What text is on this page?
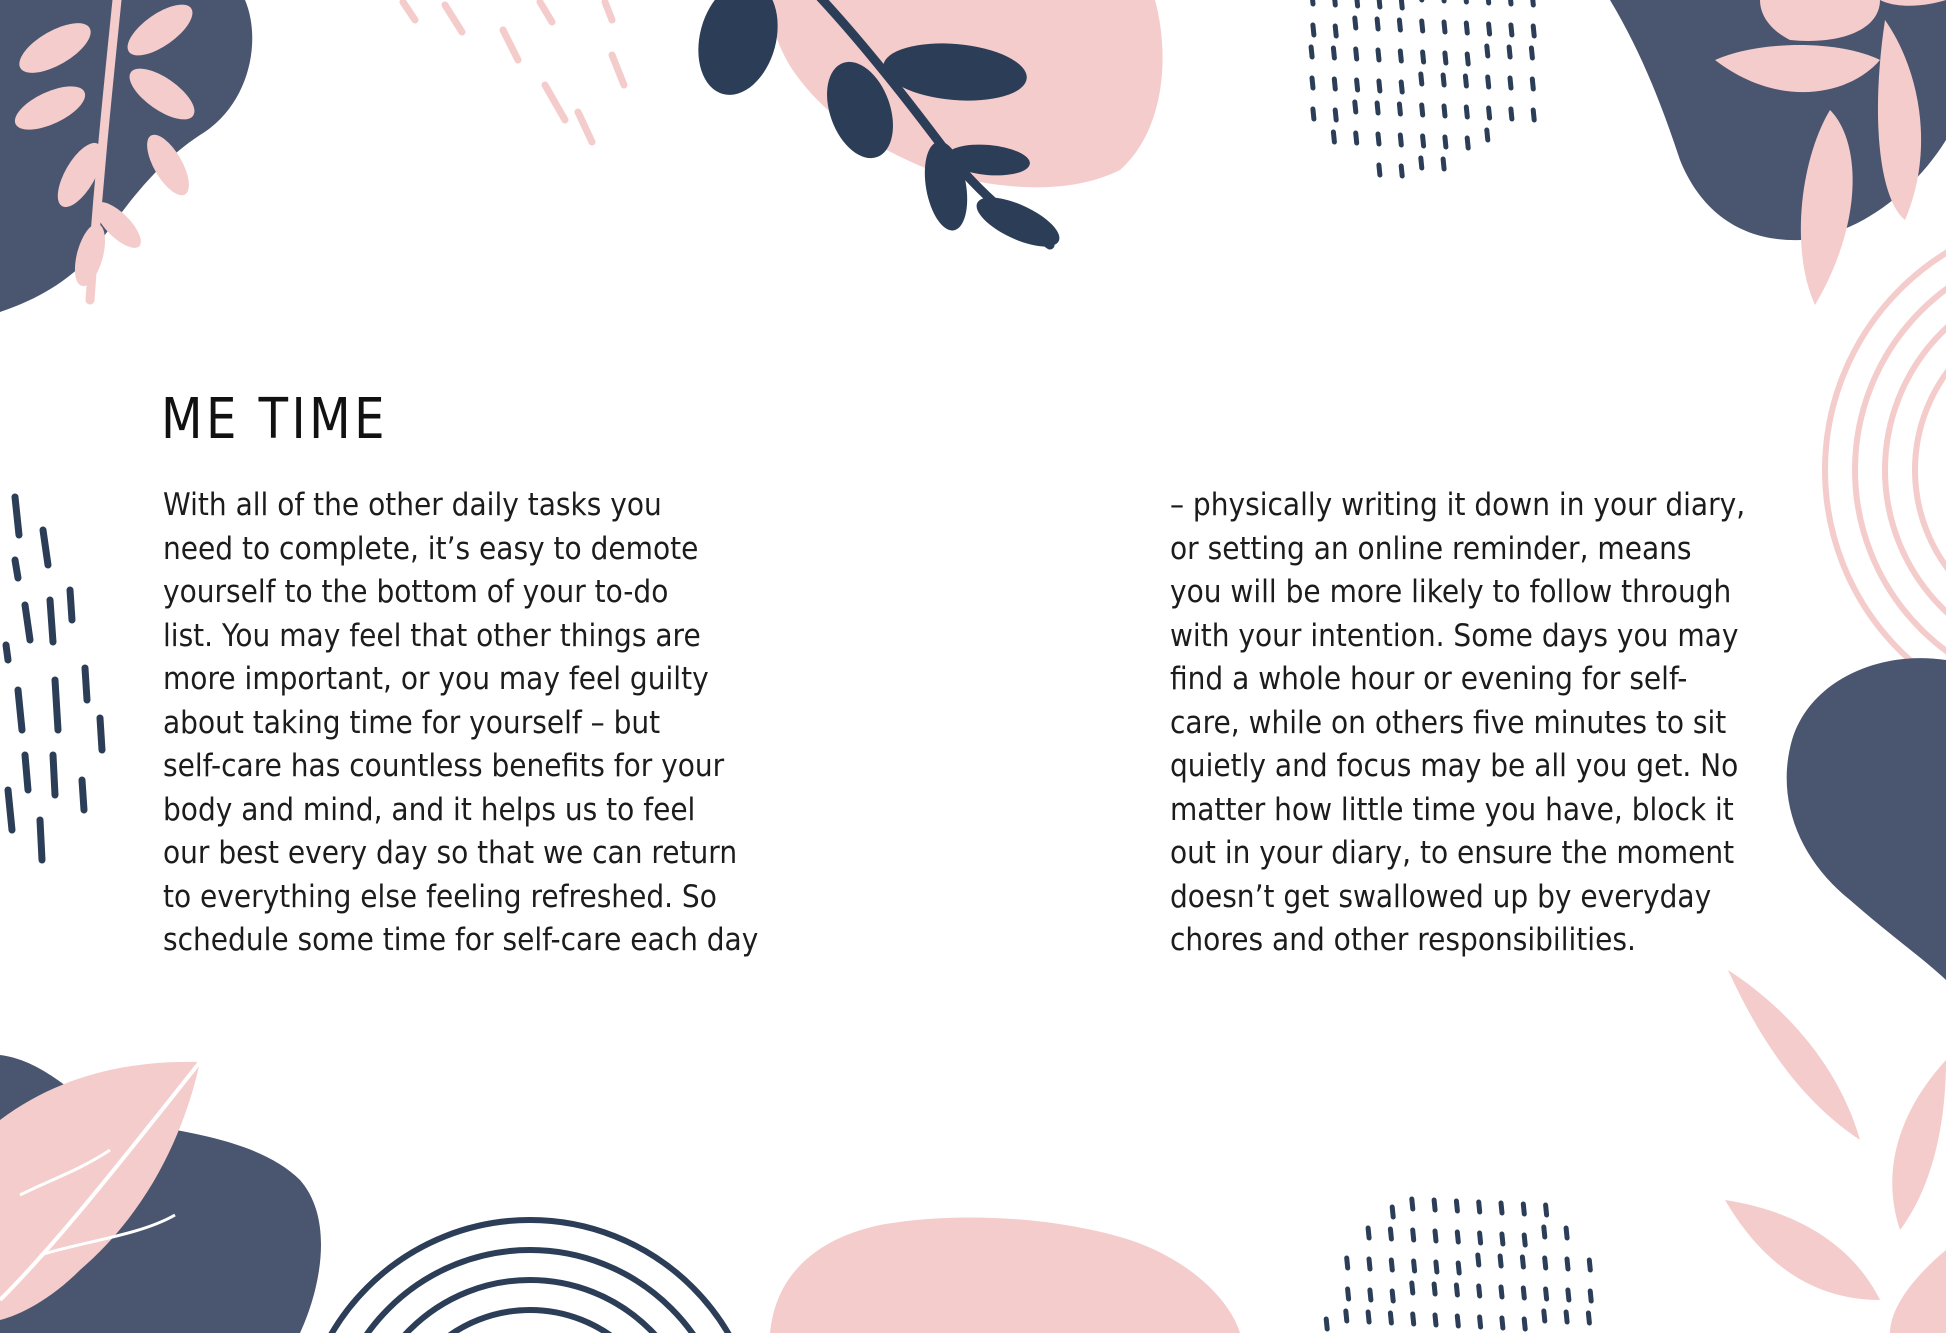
ME TIME
With all of the other daily tasks you
need to complete, it’s easy to demote
yourself to the bottom of your to-do
list. You may feel that other things are
more important, or you may feel guilty
about taking time for yourself – but
self-care has countless benefits for your
body and mind, and it helps us to feel
our best every day so that we can return
to everything else feeling refreshed. So
schedule some time for self-care each day
– physically writing it down in your diary,
or setting an online reminder, means
you will be more likely to follow through
with your intention. Some days you may
find a whole hour or evening for self-
care, while on others five minutes to sit
quietly and focus may be all you get. No
matter how little time you have, block it
out in your diary, to ensure the moment
doesn’t get swallowed up by everyday
chores and other responsibilities.
